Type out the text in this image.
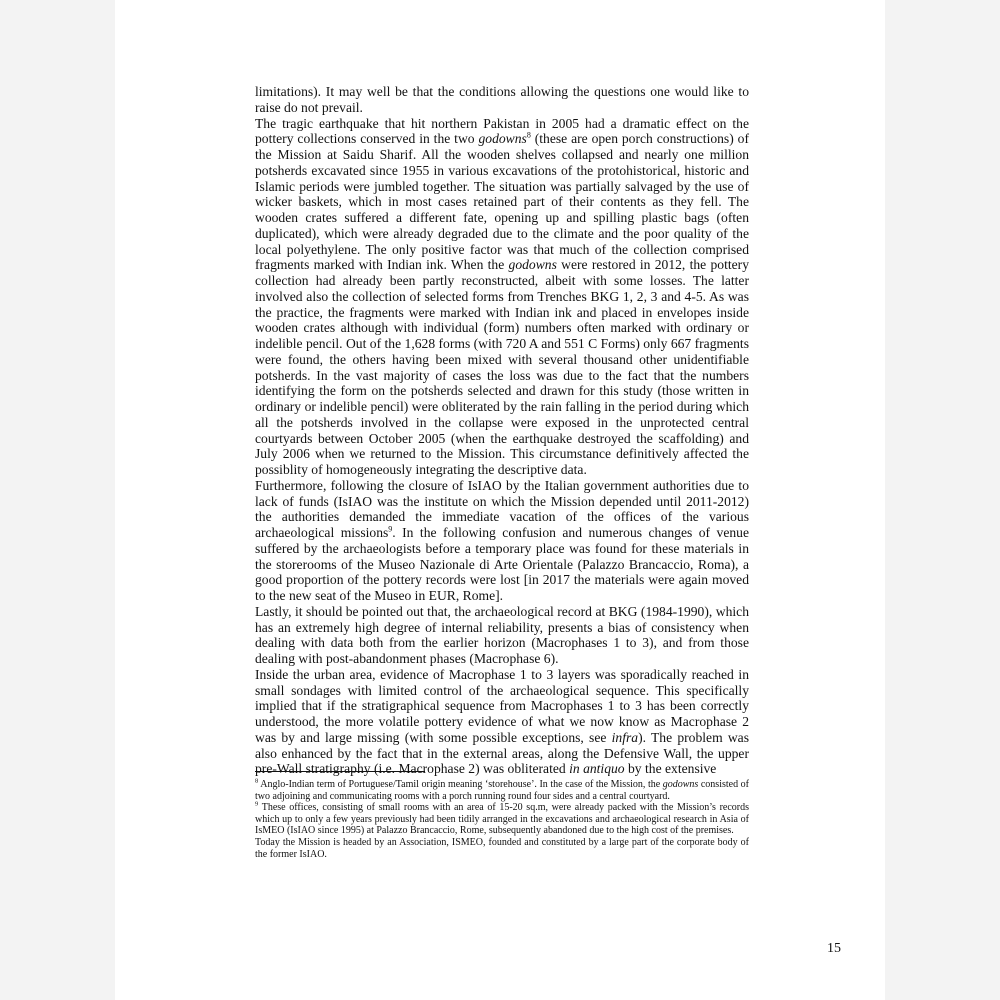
limitations). It may well be that the conditions allowing the questions one would like to raise do not prevail.

The tragic earthquake that hit northern Pakistan in 2005 had a dramatic effect on the pottery collections conserved in the two godowns$^8$ (these are open porch constructions) of the Mission at Saidu Sharif. All the wooden shelves collapsed and nearly one million potsherds excavated since 1955 in various excavations of the protohistorical, historic and Islamic periods were jumbled together. The situation was partially salvaged by the use of wicker baskets, which in most cases retained part of their contents as they fell. The wooden crates suffered a different fate, opening up and spilling plastic bags (often duplicated), which were already degraded due to the climate and the poor quality of the local polyethylene. The only positive factor was that much of the collection comprised fragments marked with Indian ink. When the godowns were restored in 2012, the pottery collection had already been partly reconstructed, albeit with some losses. The latter involved also the collection of selected forms from Trenches BKG 1, 2, 3 and 4-5. As was the practice, the fragments were marked with Indian ink and placed in envelopes inside wooden crates although with individual (form) numbers often marked with ordinary or indelible pencil. Out of the 1,628 forms (with 720 A and 551 C Forms) only 667 fragments were found, the others having been mixed with several thousand other unidentifiable potsherds. In the vast majority of cases the loss was due to the fact that the numbers identifying the form on the potsherds selected and drawn for this study (those written in ordinary or indelible pencil) were obliterated by the rain falling in the period during which all the potsherds involved in the collapse were exposed in the unprotected central courtyards between October 2005 (when the earthquake destroyed the scaffolding) and July 2006 when we returned to the Mission. This circumstance definitively affected the possiblity of homogeneously integrating the descriptive data.

Furthermore, following the closure of IsIAO by the Italian government authorities due to lack of funds (IsIAO was the institute on which the Mission depended until 2011-2012) the authorities demanded the immediate vacation of the offices of the various archaeological missions$^9$. In the following confusion and numerous changes of venue suffered by the archaeologists before a temporary place was found for these materials in the storerooms of the Museo Nazionale di Arte Orientale (Palazzo Brancaccio, Roma), a good proportion of the pottery records were lost [in 2017 the materials were again moved to the new seat of the Museo in EUR, Rome].

Lastly, it should be pointed out that, the archaeological record at BKG (1984-1990), which has an extremely high degree of internal reliability, presents a bias of consistency when dealing with data both from the earlier horizon (Macrophases 1 to 3), and from those dealing with post-abandonment phases (Macrophase 6).

Inside the urban area, evidence of Macrophase 1 to 3 layers was sporadically reached in small sondages with limited control of the archaeological sequence. This specifically implied that if the stratigraphical sequence from Macrophases 1 to 3 has been correctly understood, the more volatile pottery evidence of what we now know as Macrophase 2 was by and large missing (with some possible exceptions, see infra). The problem was also enhanced by the fact that in the external areas, along the Defensive Wall, the upper pre-Wall stratigraphy (i.e. Macrophase 2) was obliterated in antiquo by the extensive

$^8$ Anglo-Indian term of Portuguese/Tamil origin meaning ‘storehouse’. In the case of the Mission, the godowns consisted of two adjoining and communicating rooms with a porch running round four sides and a central courtyard.

$^9$ These offices, consisting of small rooms with an area of 15-20 sq.m, were already packed with the Mission’s records which up to only a few years previously had been tidily arranged in the excavations and archaeological research in Asia of IsMEO (IsIAO since 1995) at Palazzo Brancaccio, Rome, subsequently abandoned due to the high cost of the premises.

Today the Mission is headed by an Association, ISMEO, founded and constituted by a large part of the corporate body of the former IsIAO.

15
